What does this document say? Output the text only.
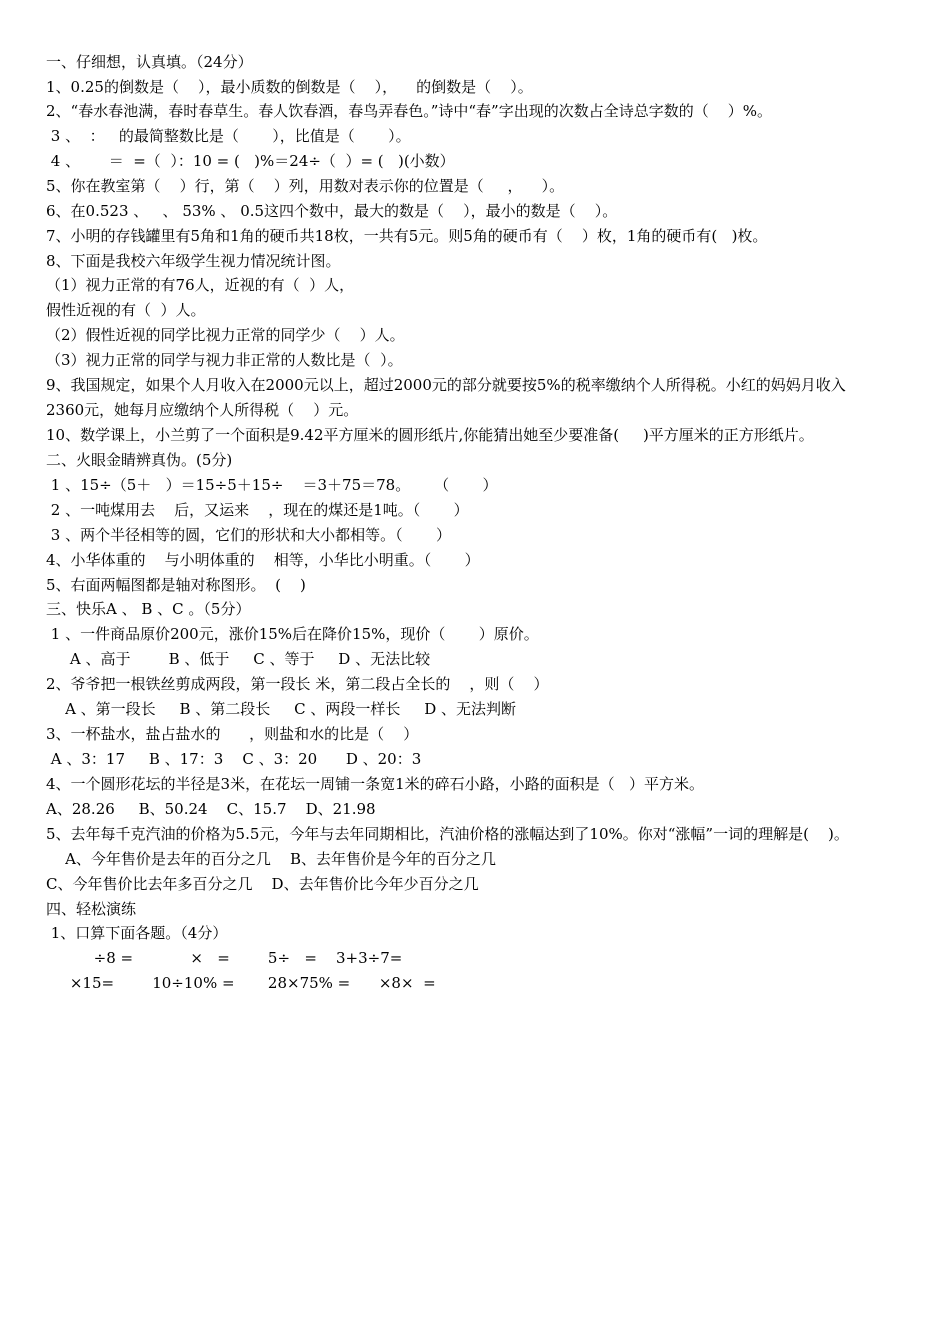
一、仔细想，认真填。（24分）
1、0.25的倒数是（    ），最小质数的倒数是（    ），    的倒数是（    ）。
2、“春水春池满，春时春草生。春人饮春酒，春鸟弄春色。”诗中“春”字出现的次数占全诗总字数的（    ）%。
3 、  ：   的最简整数比是（       ），比值是（       ）。
4 、      ＝  =（  ）：10 = (   )%＝24÷（  ）= (   )(小数）
5、你在教室第（    ）行，第（    ）列，用数对表示你的位置是（     ，    ）。
6、在0.523 、   、 53% 、 0.5这四个数中，最大的数是（    ），最小的数是（    ）。
7、小明的存钱罐里有5角和1角的硬币共18枚，一共有5元。则5角的硬币有（    ）枚，1角的硬币有(   )枚。
8、下面是我校六年级学生视力情况统计图。
（1）视力正常的有76人，近视的有（  ）人，
假性近视的有（  ）人。
（2）假性近视的同学比视力正常的同学少（    ）人。
（3）视力正常的同学与视力非正常的人数比是（  ）。
9、我国规定，如果个人月收入在2000元以上，超过2000元的部分就要按5%的税率缴纳个人所得税。小红的妈妈月收入
2360元，她每月应缴纳个人所得税（    ）元。
10、数学课上，小兰剪了一个面积是9.42平方厘米的圆形纸片,你能猜出她至少要准备(     )平方厘米的正方形纸片。
二、火眼金睛辨真伪。(5分)
1 、15÷（5＋   ）＝15÷5＋15÷    ＝3＋75＝78。     （       ）
2 、一吨煤用去    后，又运来    ，现在的煤还是1吨。（       ）
3 、两个半径相等的圆，它们的形状和大小都相等。（       ）
4、小华体重的    与小明体重的    相等，小华比小明重。（       ）
5、右面两幅图都是轴对称图形。  (    )
三、快乐A 、 B 、C 。（5分）
1 、一件商品原价200元，涨价15%后在降价15%，现价（       ）原价。
A 、高于        B 、低于     C 、等于     D 、无法比较
2、爷爷把一根铁丝剪成两段，第一段长 米，第二段占全长的    ，则（    ）
A 、第一段长     B 、第二段长     C 、两段一样长     D 、无法判断
3、一杯盐水，盐占盐水的      ，则盐和水的比是（    ）
A 、3：17     B 、17：3    C 、3：20      D 、20：3
4、一个圆形花坛的半径是3米，在花坛一周铺一条宽1米的碎石小路，小路的面积是（   ）平方米。
A、28.26     B、50.24    C、15.7    D、21.98
5、去年每千克汽油的价格为5.5元，今年与去年同期相比，汽油价格的涨幅达到了10%。你对“涨幅”一词的理解是(    )。
A、今年售价是去年的百分之几    B、去年售价是今年的百分之几
C、今年售价比去年多百分之几    D、去年售价比今年少百分之几
四、轻松演练
1、口算下面各题。（4分）
÷8 =            ×   =        5÷   =    3+3÷7=
×15=        10÷10% =       28×75% =      ×8×  =
